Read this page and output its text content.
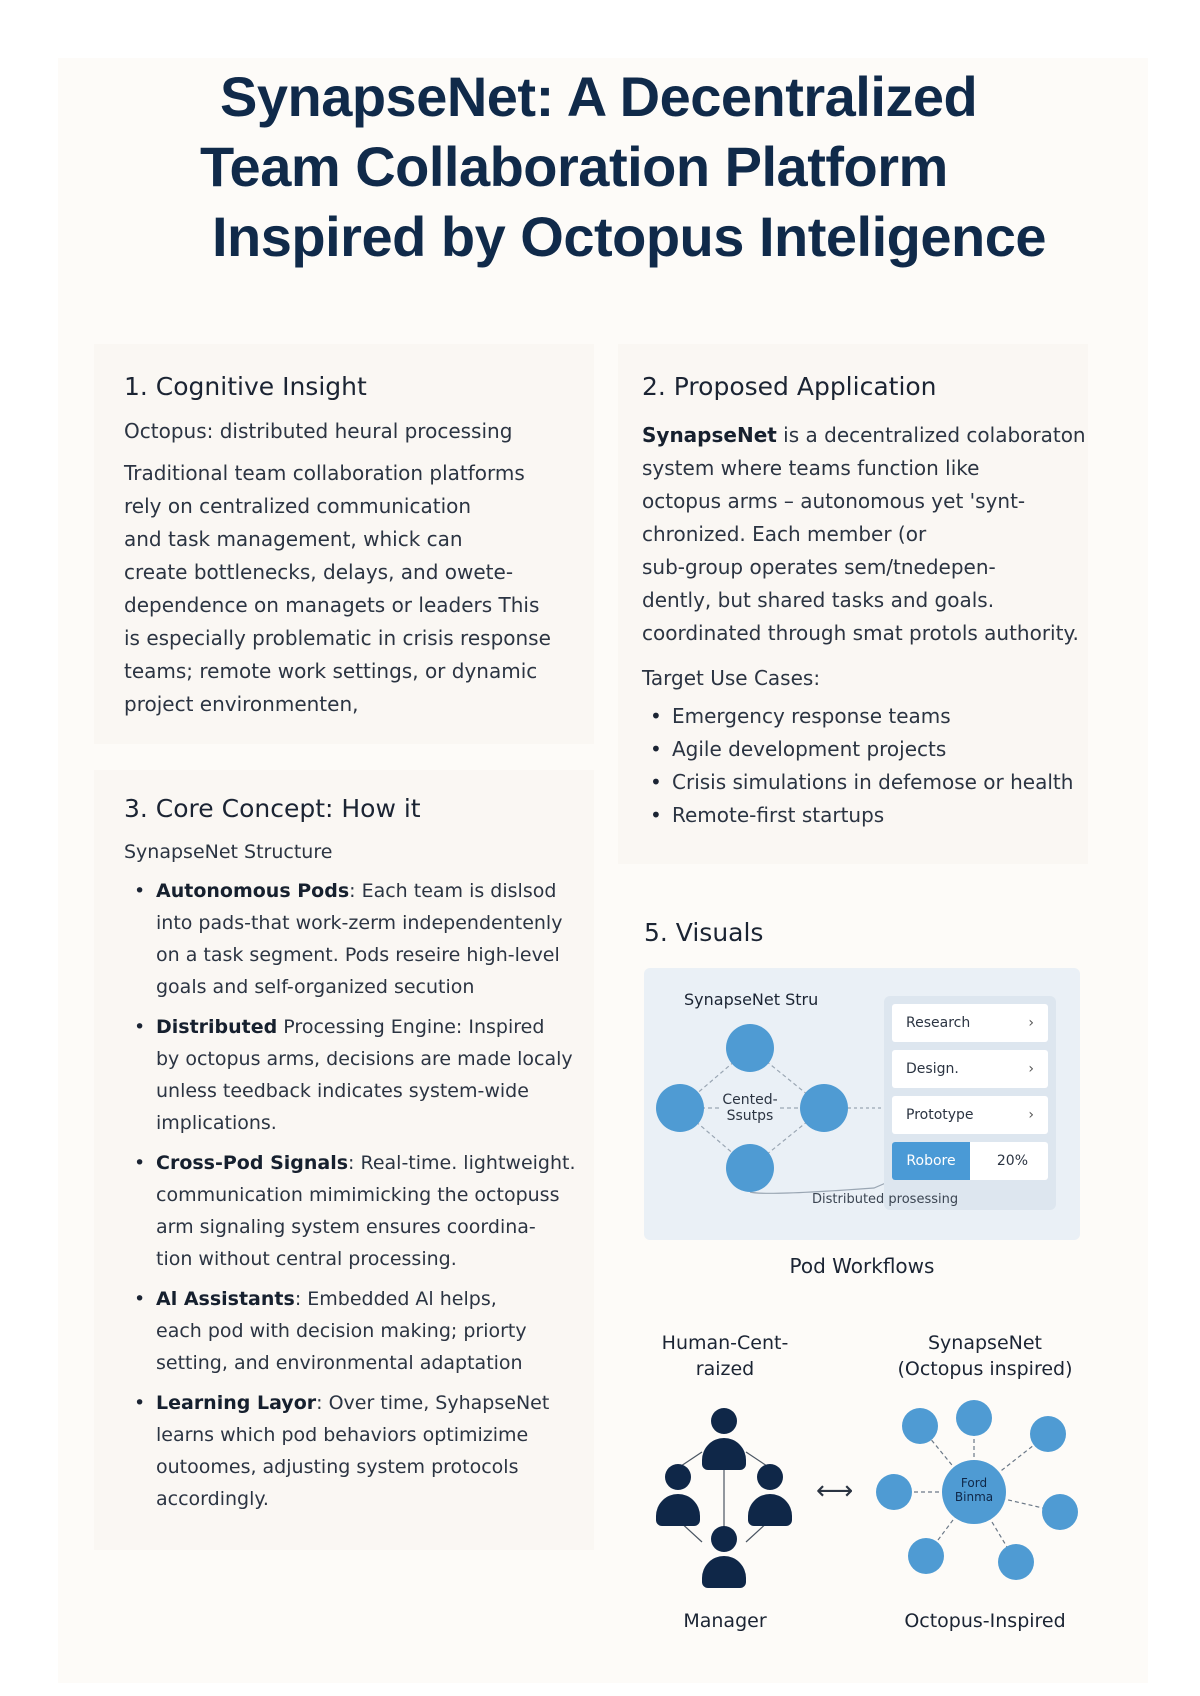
SynapseNet: A Decentralized
Team Collaboration Platform
Inspired by Octopus Inteligence
1. Cognitive Insight
Octopus: distributed heural processing
Traditional team collaboration platforms
rely on centralized communication
and task management, whick can
create bottlenecks, delays, and owete-
dependence on managets or leaders This
is especially problematic in crisis response
teams; remote work settings, or dynamic
project environmenten,
2. Proposed Application
SynapseNet is a decentralized colaboraton
system where teams function like
octopus arms – autonomous yet 'synt-
chronized. Each member (or
sub-group operates sem/tnedepen-
dently, but shared tasks and goals.
coordinated through smat protols authority.
Target Use Cases:
• Emergency response teams
• Agile development projects
• Crisis simulations in defemose or health
• Remote-first startups
3. Core Concept: How it
SynapseNet Structure
• Autonomous Pods: Each team is dislsod
into pads-that work-zerm independentenly
on a task segment. Pods reseire high-level
goals and self-organized secution
• Distributed Processing Engine: Inspired
by octopus arms, decisions are made localy
unless teedback indicates system-wide
implications.
• Cross-Pod Signals: Real-time. lightweight.
communication mimimicking the octopuss
arm signaling system ensures coordina-
tion without central processing.
• Al Assistants: Embedded Al helps,
each pod with decision making; priorty
setting, and environmental adaptation
• Learning Layor: Over time, SyhapseNet
learns which pod behaviors optimizime
outoomes, adjusting system protocols
accordingly.
5. Visuals
SynapseNet Stru
Cented-
Ssutps
Research	›
Design.	›
Prototype	›
Robore	20%
Distributed prosessing
Pod Workflows
Human-Cent-
raized
SynapseNet
(Octopus inspired)
⟷	Ford
Binma
Manager	Octopus-Inspired
